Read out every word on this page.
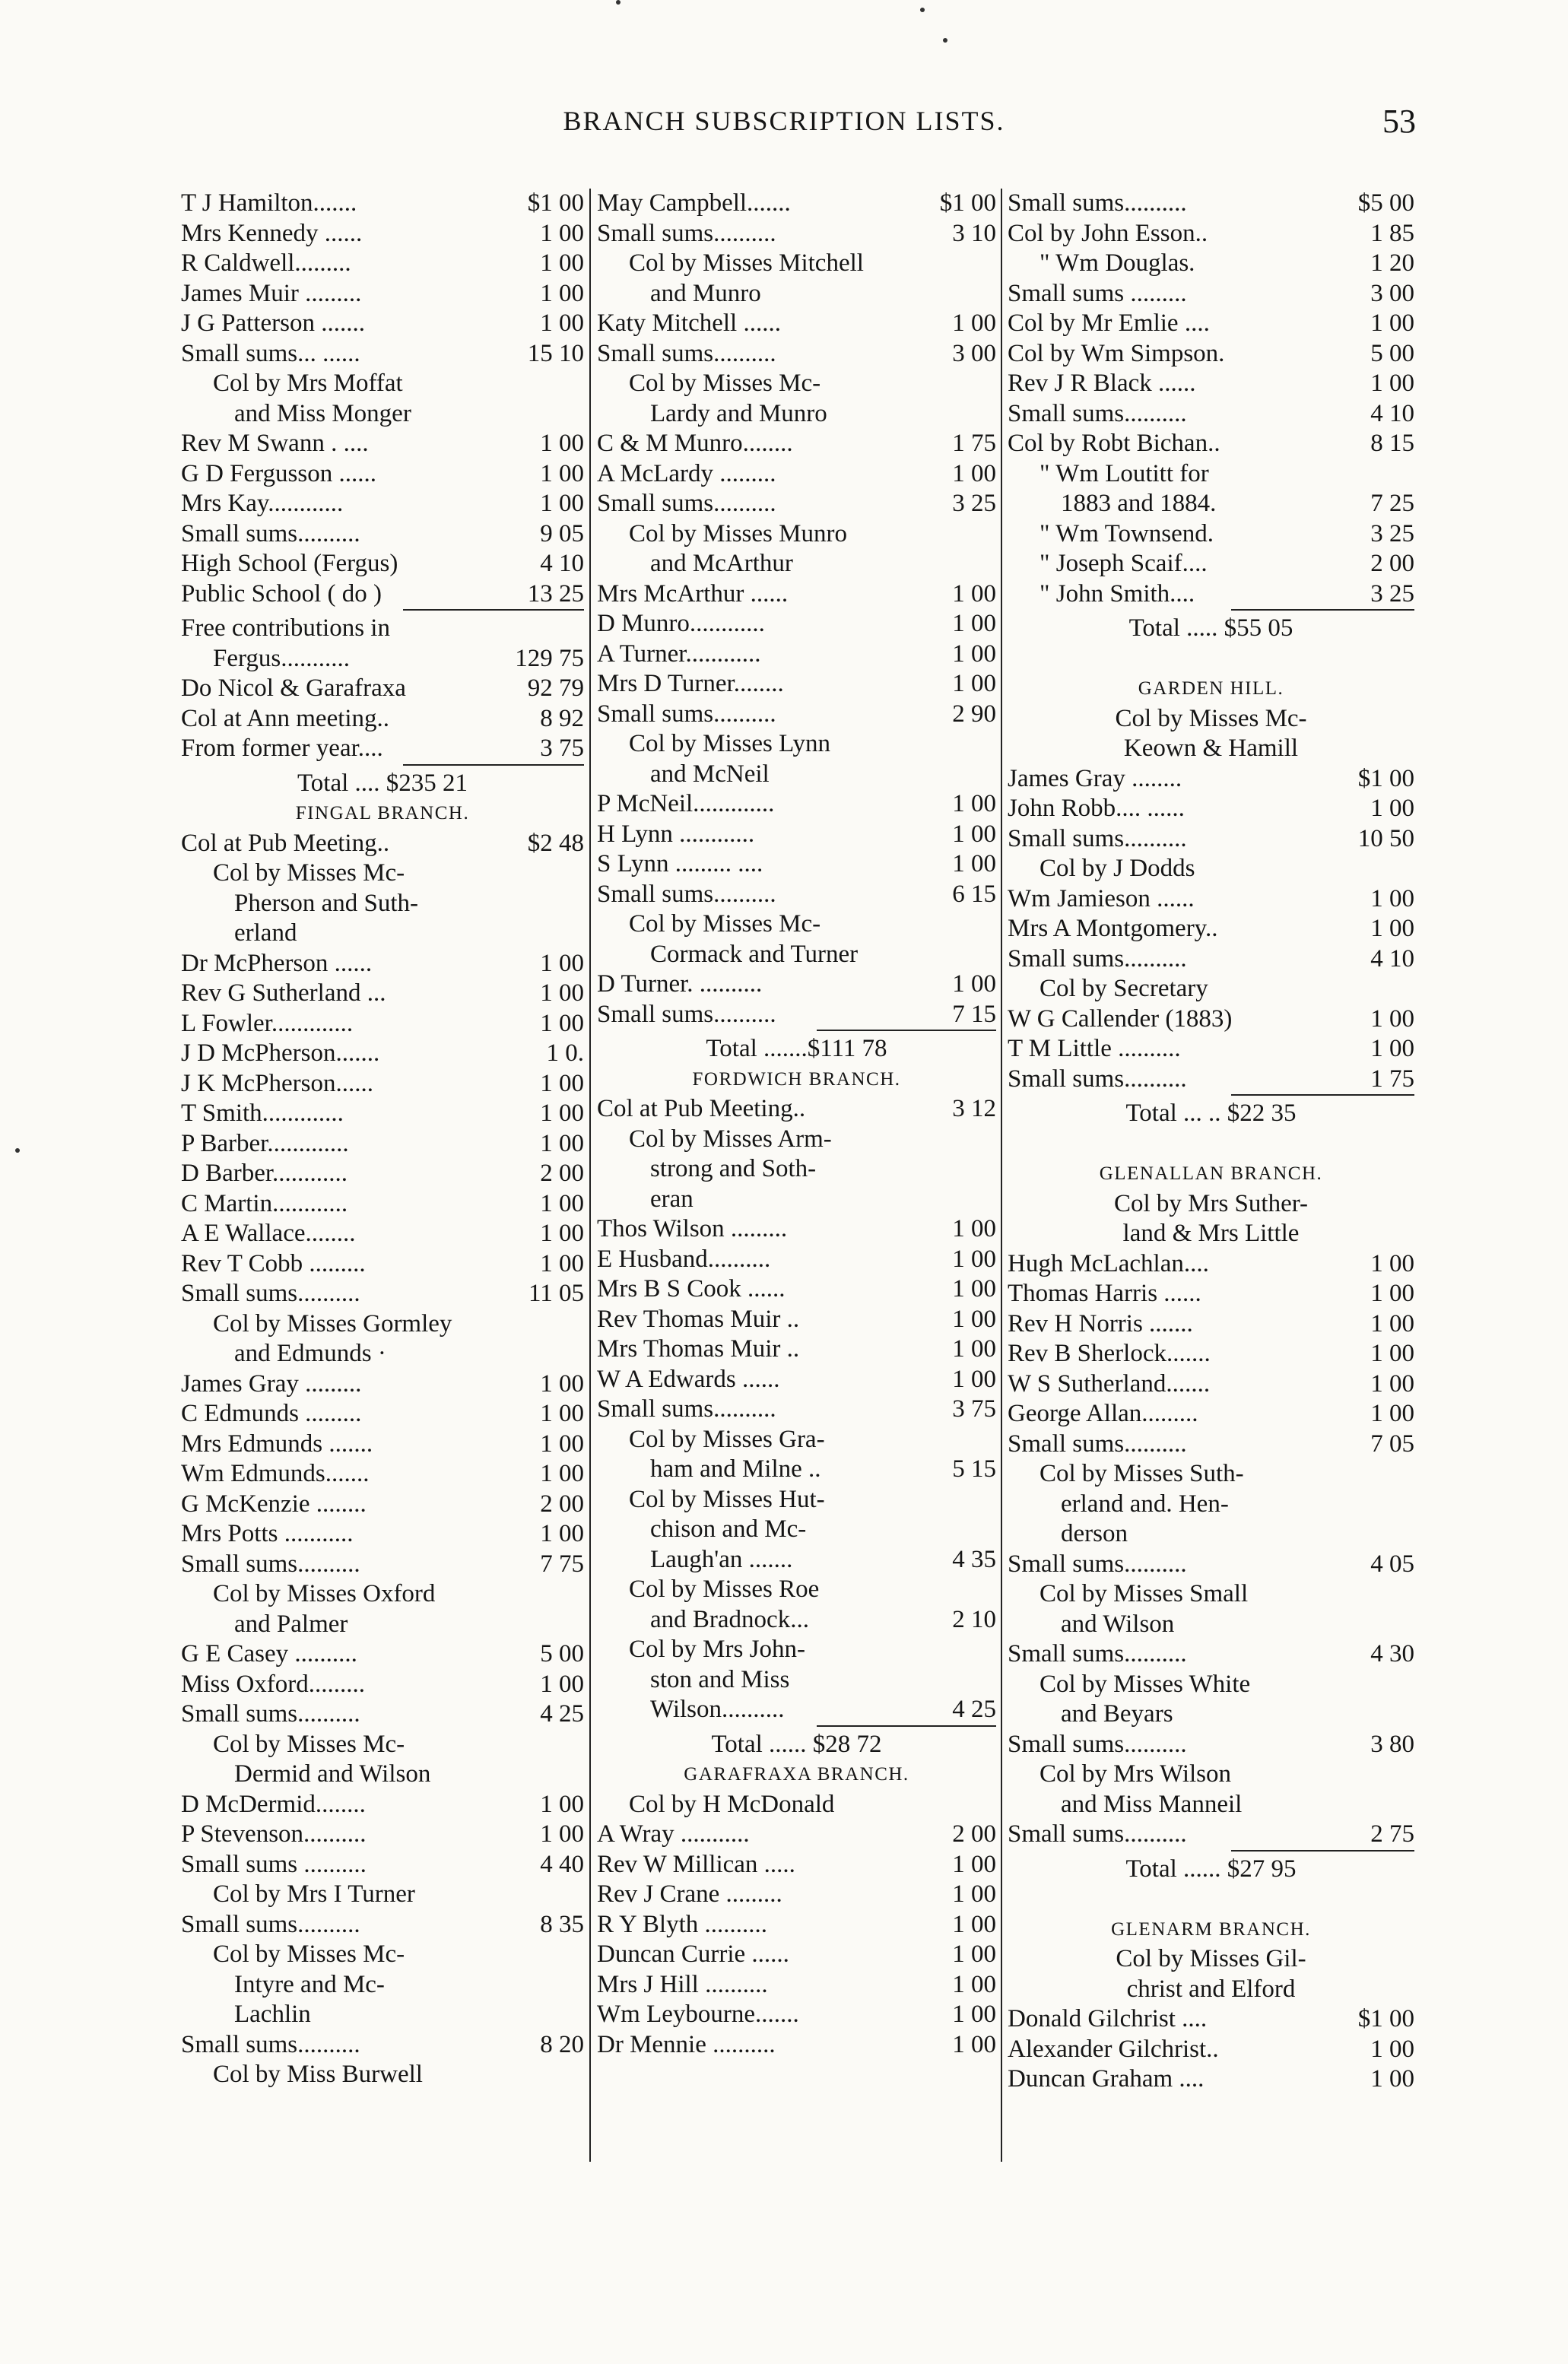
BRANCH SUBSCRIPTION LISTS.	53
T J Hamilton.......	$1 00
Mrs Kennedy ......	1 00
R Caldwell.........	1 00
James Muir .........	1 00
J G Patterson .......	1 00
Small sums... ......	15 10
Col by Mrs Moffat
and Miss Monger
Rev M Swann . ....	1 00
G D Fergusson ......	1 00
Mrs Kay............	1 00
Small sums..........	9 05
High School (Fergus)	4 10
Public School ( do )	13 25
Free contributions in
Fergus...........	129 75
Do Nicol & Garafraxa	92 79
Col at Ann meeting..	8 92
From former year....	3 75
Total .... $235 21
FINGAL BRANCH.
Col at Pub Meeting..	$2 48
Col by Misses Mc-
Pherson and Suth-
erland
Dr McPherson ......	1 00
Rev G Sutherland ...	1 00
L Fowler.............	1 00
J D McPherson.......	1 0.
J K McPherson......	1 00
T Smith.............	1 00
P Barber.............	1 00
D Barber............	2 00
C Martin............	1 00
A E Wallace........	1 00
Rev T Cobb .........	1 00
Small sums..........	11 05
Col by Misses Gormley
and Edmunds ·
James Gray .........	1 00
C Edmunds .........	1 00
Mrs Edmunds .......	1 00
Wm Edmunds.......	1 00
G McKenzie ........	2 00
Mrs Potts ...........	1 00
Small sums..........	7 75
Col by Misses Oxford
and Palmer
G E Casey ..........	5 00
Miss Oxford.........	1 00
Small sums..........	4 25
Col by Misses Mc-
Dermid and Wilson
D McDermid........	1 00
P Stevenson..........	1 00
Small sums ..........	4 40
Col by Mrs I Turner
Small sums..........	8 35
Col by Misses Mc-
Intyre and Mc-
Lachlin
Small sums..........	8 20
Col by Miss Burwell
May Campbell.......	$1 00
Small sums..........	3 10
Col by Misses Mitchell
and Munro
Katy Mitchell ......	1 00
Small sums..........	3 00
Col by Misses Mc-
Lardy and Munro
C & M Munro........	1 75
A McLardy .........	1 00
Small sums..........	3 25
Col by Misses Munro
and McArthur
Mrs McArthur ......	1 00
D Munro............	1 00
A Turner............	1 00
Mrs D Turner........	1 00
Small sums..........	2 90
Col by Misses Lynn
and McNeil
P McNeil.............	1 00
H Lynn ............	1 00
S Lynn ......... ....	1 00
Small sums..........	6 15
Col by Misses Mc-
Cormack and Turner
D Turner. ..........	1 00
Small sums..........	7 15
Total .......$111 78
FORDWICH BRANCH.
Col at Pub Meeting..	3 12
Col by Misses Arm-
strong and Soth-
eran
Thos Wilson .........	1 00
E Husband..........	1 00
Mrs B S Cook ......	1 00
Rev Thomas Muir ..	1 00
Mrs Thomas Muir ..	1 00
W A Edwards ......	1 00
Small sums..........	3 75
Col by Misses Gra-
ham and Milne ..	5 15
Col by Misses Hut-
chison and Mc-
Laugh'an .......	4 35
Col by Misses Roe
and Bradnock...	2 10
Col by Mrs John-
ston and Miss
Wilson..........	4 25
Total ...... $28 72
GARAFRAXA BRANCH.
Col by H McDonald
A Wray ...........	2 00
Rev W Millican .....	1 00
Rev J Crane .........	1 00
R Y Blyth ..........	1 00
Duncan Currie ......	1 00
Mrs J Hill ..........	1 00
Wm Leybourne.......	1 00
Dr Mennie ..........	1 00
Small sums..........	$5 00
Col by John Esson..	1 85
" Wm Douglas.	1 20
Small sums .........	3 00
Col by Mr Emlie ....	1 00
Col by Wm Simpson.	5 00
Rev J R Black ......	1 00
Small sums..........	4 10
Col by Robt Bichan..	8 15
" Wm Loutitt for
1883 and 1884.	7 25
" Wm Townsend.	3 25
" Joseph Scaif....	2 00
" John Smith....	3 25
Total ..... $55 05
GARDEN HILL.
Col by Misses Mc-
Keown & Hamill
James Gray ........	$1 00
John Robb.... ......	1 00
Small sums..........	10 50
Col by J Dodds
Wm Jamieson ......	1 00
Mrs A Montgomery..	1 00
Small sums..........	4 10
Col by Secretary
W G Callender (1883)	1 00
T M Little ..........	1 00
Small sums..........	1 75
Total ... .. $22 35
GLENALLAN BRANCH.
Col by Mrs Suther-
land & Mrs Little
Hugh McLachlan....	1 00
Thomas Harris ......	1 00
Rev H Norris .......	1 00
Rev B Sherlock.......	1 00
W S Sutherland.......	1 00
George Allan.........	1 00
Small sums..........	7 05
Col by Misses Suth-
erland and. Hen-
derson
Small sums..........	4 05
Col by Misses Small
and Wilson
Small sums..........	4 30
Col by Misses White
and Beyars
Small sums..........	3 80
Col by Mrs Wilson
and Miss Manneil
Small sums..........	2 75
Total ...... $27 95
GLENARM BRANCH.
Col by Misses Gil-
christ and Elford
Donald Gilchrist ....	$1 00
Alexander Gilchrist..	1 00
Duncan Graham ....	1 00
